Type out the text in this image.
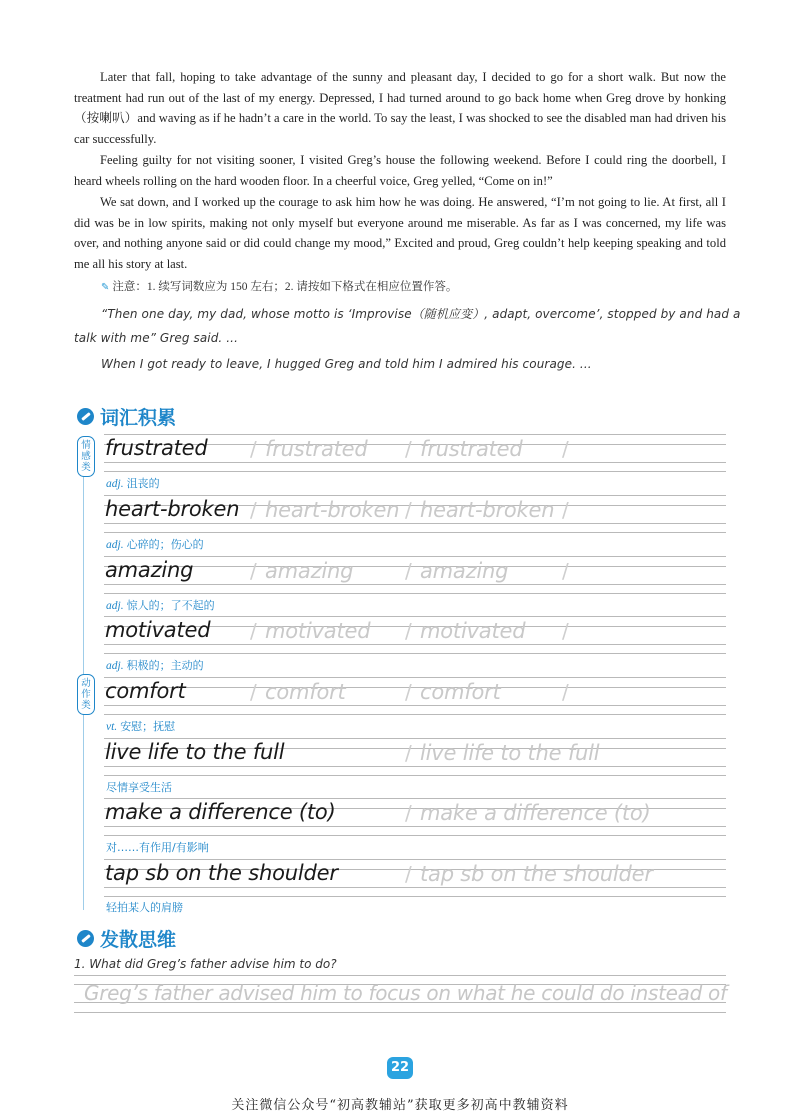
Later that fall, hoping to take advantage of the sunny and pleasant day, I decided to go for a short walk. But now the treatment had run out of the last of my energy. Depressed, I had turned around to go back home when Greg drove by honking（按喇叭）and waving as if he hadn’t a care in the world. To say the least, I was shocked to see the disabled man had driven his car successfully.

Feeling guilty for not visiting sooner, I visited Greg’s house the following weekend. Before I could ring the doorbell, I heard wheels rolling on the hard wooden floor. In a cheerful voice, Greg yelled, “Come on in!”

We sat down, and I worked up the courage to ask him how he was doing. He answered, “I’m not going to lie. At first, all I did was be in low spirits, making not only myself but everyone around me miserable. As far as I was concerned, my life was over, and nothing anyone said or did could change my mood,” Excited and proud, Greg couldn’t help keeping speaking and told me all his story at last.

✎ 注意：1. 续写词数应为 150 左右；2. 请按如下格式在相应位置作答。
“Then one day, my dad, whose motto is ‘Improvise（随机应变）, adapt, overcome’, stopped by and had a
talk with me” Greg said. ...
When I got ready to leave, I hugged Greg and told him I admired his courage. ...
词汇积累
情感类
动作类
frustrated / frustrated / frustrated /
adj. 沮丧的
heart-broken / heart-broken / heart-broken /
adj. 心碎的；伤心的
amazing	/ amazing	/ amazing	/
adj. 惊人的；了不起的
motivated / motivated / motivated /
adj. 积极的；主动的
comfort	/ comfort	/ comfort	/
vt. 安慰；抚慰
live life to the full	/ live life to the full
尽情享受生活
make a difference (to)	/ make a difference (to)
对……有作用/有影响
tap sb on the shoulder	/ tap sb on the shoulder
轻拍某人的肩膀
发散思维
1. What did Greg’s father advise him to do?
Greg’s father advised him to focus on what he could do instead of
22
关注微信公众号“初高教辅站”获取更多初高中教辅资料
